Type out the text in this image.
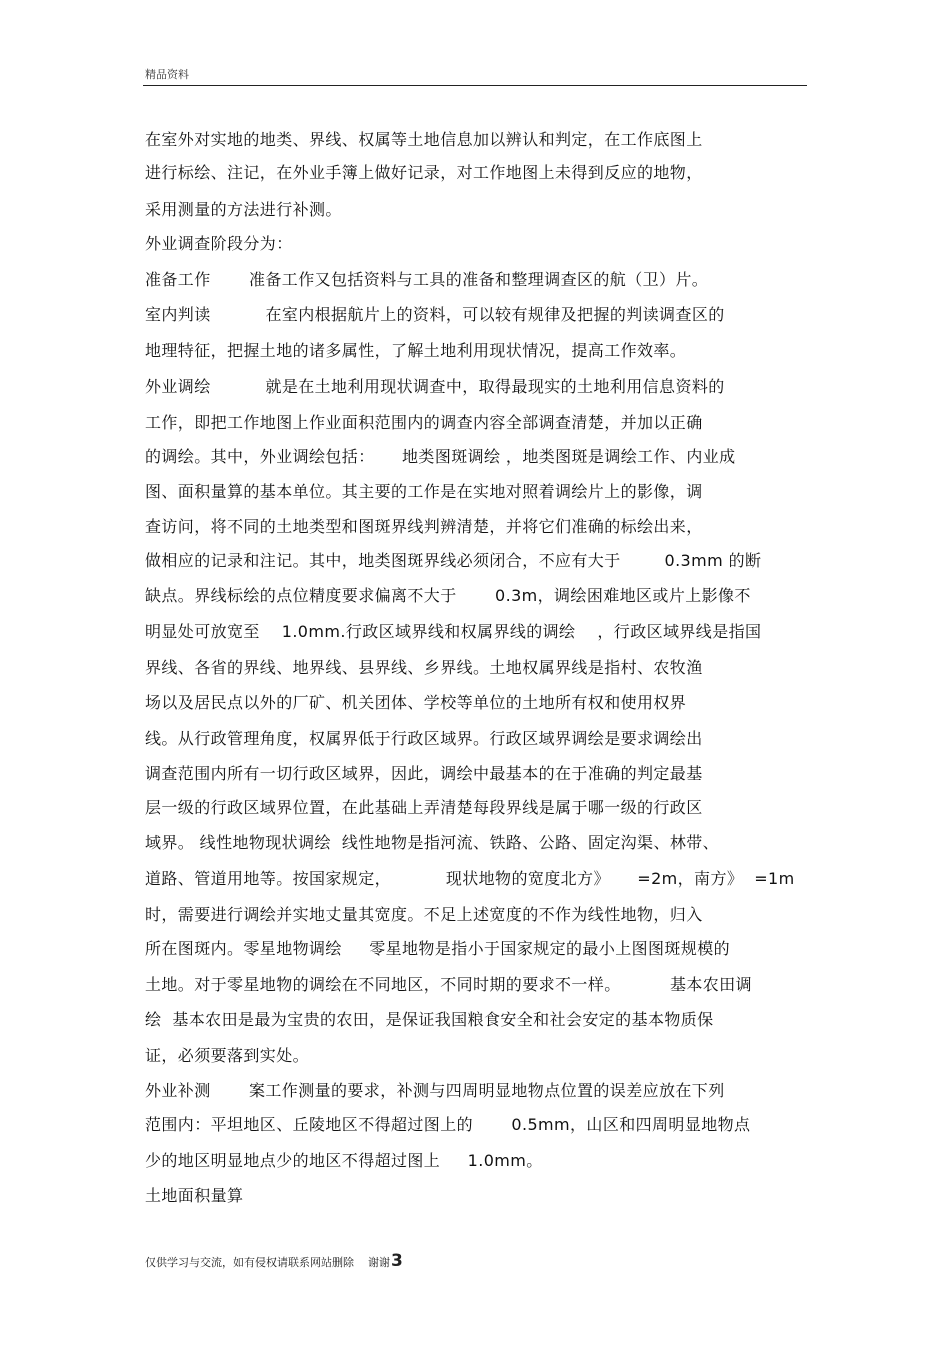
精品资料
在室外对实地的地类、界线、权属等土地信息加以辨认和判定，在工作底图上
进行标绘、注记，在外业手簿上做好记录，对工作地图上未得到反应的地物，
采用测量的方法进行补测。
外业调查阶段分为：
准备工作       准备工作又包括资料与工具的准备和整理调查区的航（卫）片。
室内判读          在室内根据航片上的资料，可以较有规律及把握的判读调查区的
地理特征，把握土地的诸多属性，了解土地利用现状情况，提高工作效率。
外业调绘          就是在土地利用现状调查中，取得最现实的土地利用信息资料的
工作，即把工作地图上作业面积范围内的调查内容全部调查清楚，并加以正确
的调绘。其中，外业调绘包括：     地类图斑调绘 ，地类图斑是调绘工作、内业成
图、面积量算的基本单位。其主要的工作是在实地对照着调绘片上的影像，调
查访问，将不同的土地类型和图斑界线判辨清楚，并将它们准确的标绘出来，
做相应的记录和注记。其中，地类图斑界线必须闭合，不应有大于        0.3mm 的断
缺点。界线标绘的点位精度要求偏离不大于       0.3m，调绘困难地区或片上影像不
明显处可放宽至    1.0mm.行政区域界线和权属界线的调绘    ，行政区域界线是指国
界线、各省的界线、地界线、县界线、乡界线。土地权属界线是指村、农牧渔
场以及居民点以外的厂矿、机关团体、学校等单位的土地所有权和使用权界
线。从行政管理角度，权属界低于行政区域界。行政区域界调绘是要求调绘出
调查范围内所有一切行政区域界，因此，调绘中最基本的在于准确的判定最基
层一级的行政区域界位置，在此基础上弄清楚每段界线是属于哪一级的行政区
域界。 线性地物现状调绘  线性地物是指河流、铁路、公路、固定沟渠、林带、
道路、管道用地等。按国家规定，          现状地物的宽度北方》     =2m，南方》  =1m
时，需要进行调绘并实地丈量其宽度。不足上述宽度的不作为线性地物，归入
所在图斑内。零星地物调绘     零星地物是指小于国家规定的最小上图图斑规模的
土地。对于零星地物的调绘在不同地区，不同时期的要求不一样。         基本农田调
绘  基本农田是最为宝贵的农田，是保证我国粮食安全和社会安定的基本物质保
证，必须要落到实处。
外业补测       案工作测量的要求，补测与四周明显地物点位置的误差应放在下列
范围内：平坦地区、丘陵地区不得超过图上的       0.5mm，山区和四周明显地物点
少的地区明显地点少的地区不得超过图上     1.0mm。
土地面积量算
仅供学习与交流，如有侵权请联系网站删除    谢谢3
